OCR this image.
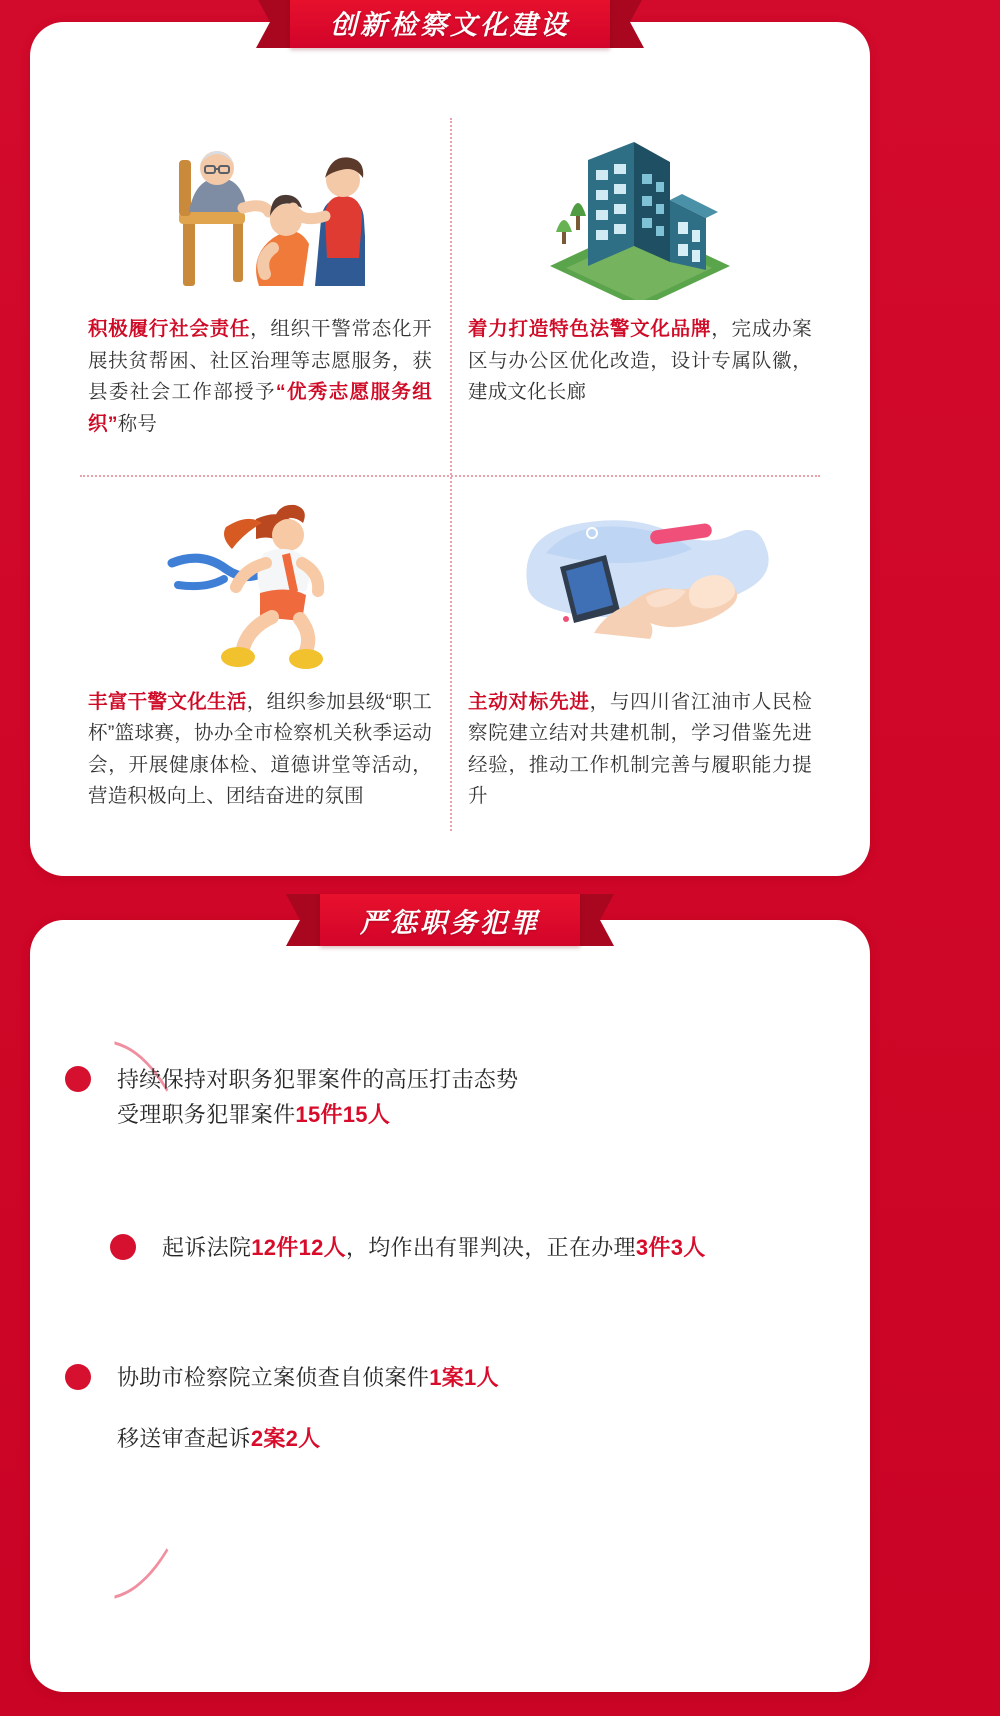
创新检察文化建设
积极履行社会责任，组织干警常态化开展扶贫帮困、社区治理等志愿服务，获县委社会工作部授予“优秀志愿服务组织”称号
着力打造特色法警文化品牌，完成办案区与办公区优化改造，设计专属队徽，建成文化长廊
丰富干警文化生活，组织参加县级“职工杯”篮球赛，协办全市检察机关秋季运动会，开展健康体检、道德讲堂等活动，营造积极向上、团结奋进的氛围
主动对标先进，与四川省江油市人民检察院建立结对共建机制，学习借鉴先进经验，推动工作机制完善与履职能力提升
严惩职务犯罪
持续保持对职务犯罪案件的高压打击态势
受理职务犯罪案件15件15人
起诉法院12件12人，均作出有罪判决，正在办理3件3人
协助市检察院立案侦查自侦案件1案1人
移送审查起诉2案2人
